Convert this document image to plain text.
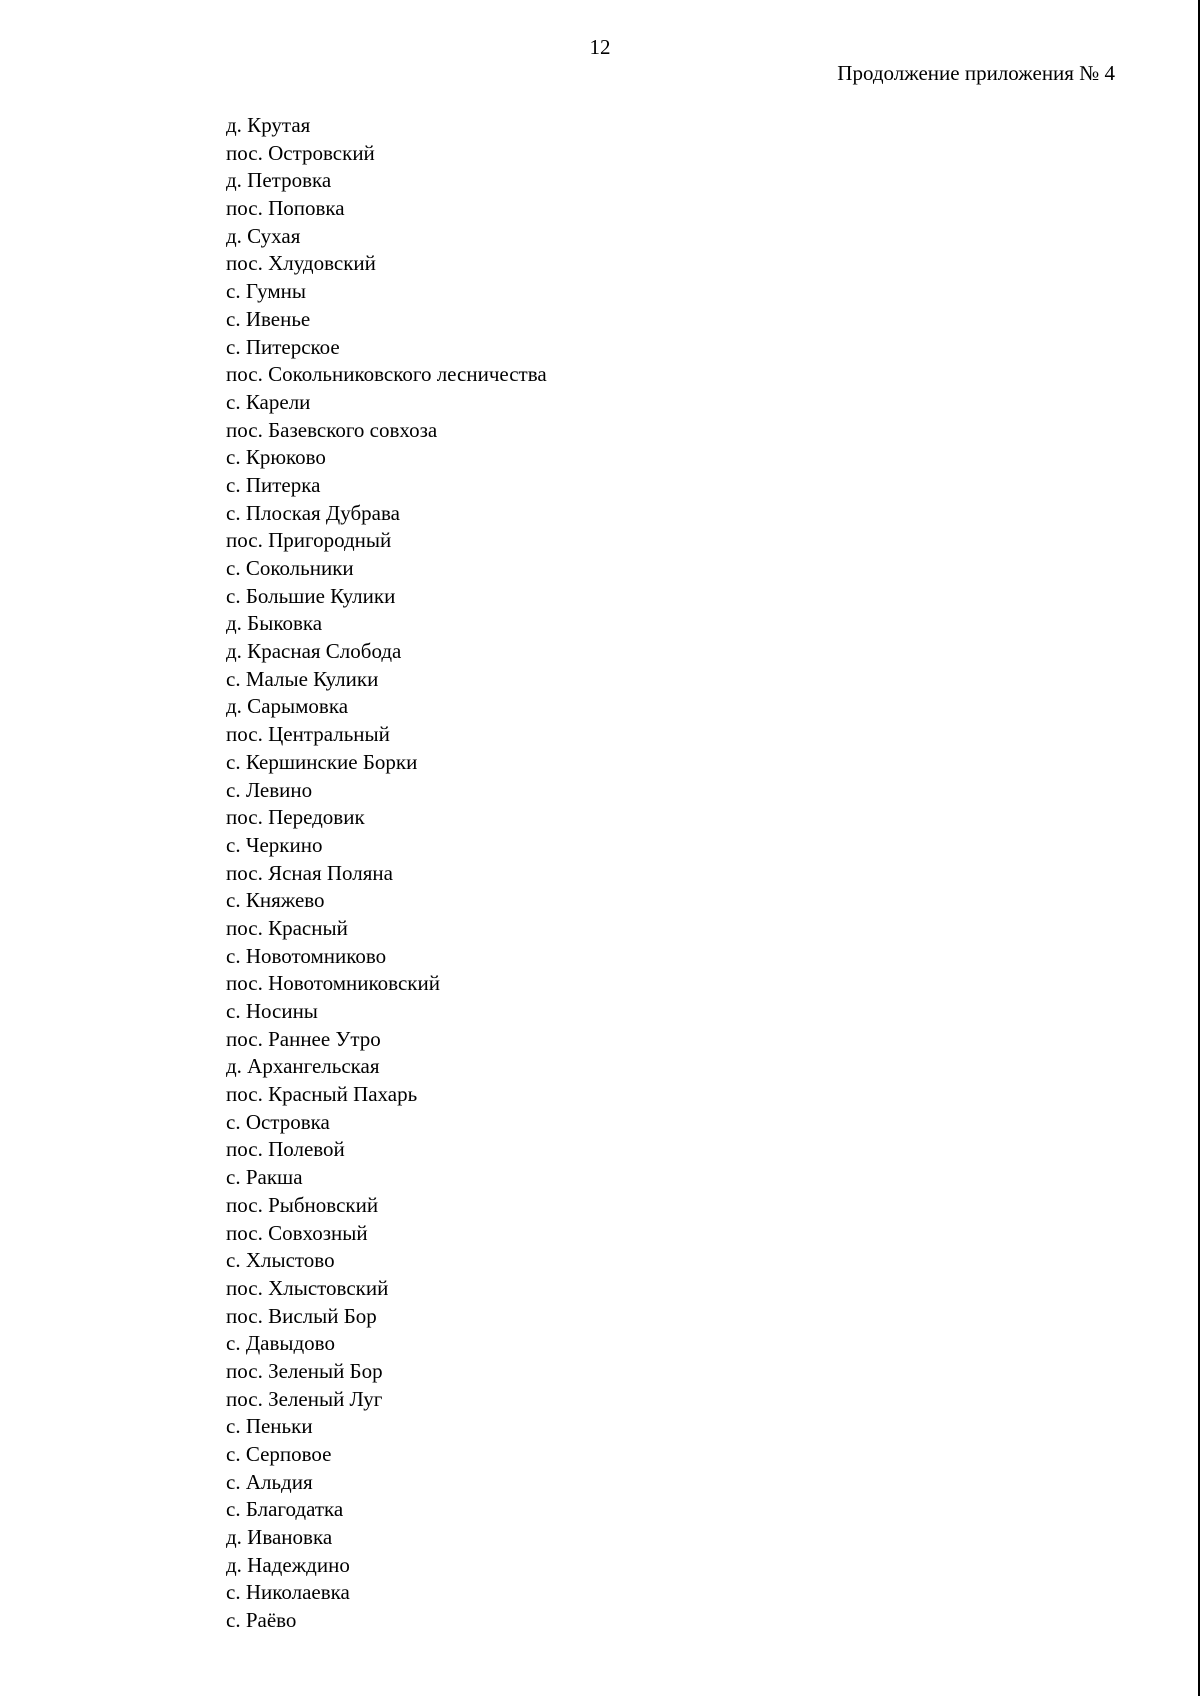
12
Продолжение приложения № 4
д. Крутая
пос. Островский
д. Петровка
пос. Поповка
д. Сухая
пос. Хлудовский
с. Гумны
с. Ивенье
с. Питерское
пос. Сокольниковского лесничества
с. Карели
пос. Базевского совхоза
с. Крюково
с. Питерка
с. Плоская Дубрава
пос. Пригородный
с. Сокольники
с. Большие Кулики
д. Быковка
д. Красная Слобода
с. Малые Кулики
д. Сарымовка
пос. Центральный
с. Кершинские Борки
с. Левино
пос. Передовик
с. Черкино
пос. Ясная Поляна
с. Княжево
пос. Красный
с. Новотомниково
пос. Новотомниковский
с. Носины
пос. Раннее Утро
д. Архангельская
пос. Красный Пахарь
с. Островка
пос. Полевой
с. Ракша
пос. Рыбновский
пос. Совхозный
с. Хлыстово
пос. Хлыстовский
пос. Вислый Бор
с. Давыдово
пос. Зеленый Бор
пос. Зеленый Луг
с. Пеньки
с. Серповое
с. Альдия
с. Благодатка
д. Ивановка
д. Надеждино
с. Николаевка
с. Раёво
